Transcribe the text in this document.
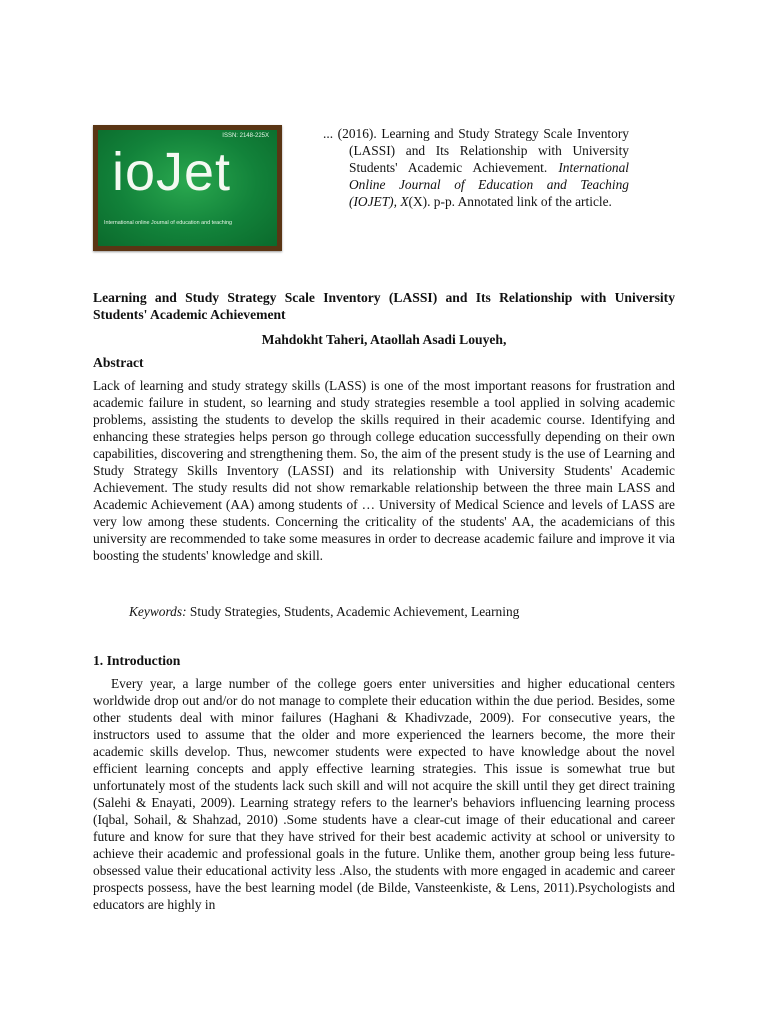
ISSN: 2148-225X
ioJet
International online Journal of education and teaching
... (2016). Learning and Study Strategy Scale Inventory (LASSI) and Its Relationship with University Students' Academic Achievement. International Online Journal of Education and Teaching (IOJET), X(X). p-p. Annotated link of the article.
Learning and Study Strategy Scale Inventory (LASSI) and Its Relationship with University Students' Academic Achievement
Mahdokht Taheri, Ataollah Asadi Louyeh,
Abstract
Lack of learning and study strategy skills (LASS) is one of the most important reasons for frustration and academic failure in student, so learning and study strategies resemble a tool applied in solving academic problems, assisting the students to develop the skills required in their academic course. Identifying and enhancing these strategies helps person go through college education successfully depending on their own capabilities, discovering and strengthening them. So, the aim of the present study is the use of Learning and Study Strategy Skills Inventory (LASSI) and its relationship with University Students' Academic Achievement. The study results did not show remarkable relationship between the three main LASS and Academic Achievement (AA) among students of … University of Medical Science and levels of LASS are very low among these students. Concerning the criticality of the students' AA, the academicians of this university are recommended to take some measures in order to decrease academic failure and improve it via boosting the students' knowledge and skill.
Keywords: Study Strategies, Students, Academic Achievement, Learning
1. Introduction
Every year, a large number of the college goers enter universities and higher educational centers worldwide drop out and/or do not manage to complete their education within the due period. Besides, some other students deal with minor failures (Haghani & Khadivzade, 2009). For consecutive years, the instructors used to assume that the older and more experienced the learners become, the more their academic skills develop. Thus, newcomer students were expected to have knowledge about the novel efficient learning concepts and apply effective learning strategies. This issue is somewhat true but unfortunately most of the students lack such skill and will not acquire the skill until they get direct training (Salehi & Enayati, 2009). Learning strategy refers to the learner's behaviors influencing learning process (Iqbal, Sohail, & Shahzad, 2010) .Some students have a clear-cut image of their educational and career future and know for sure that they have strived for their best academic activity at school or university to achieve their academic and professional goals in the future. Unlike them, another group being less future-obsessed value their educational activity less .Also, the students with more engaged in academic and career prospects possess, have the best learning model (de Bilde, Vansteenkiste, & Lens, 2011).Psychologists and educators are highly in
